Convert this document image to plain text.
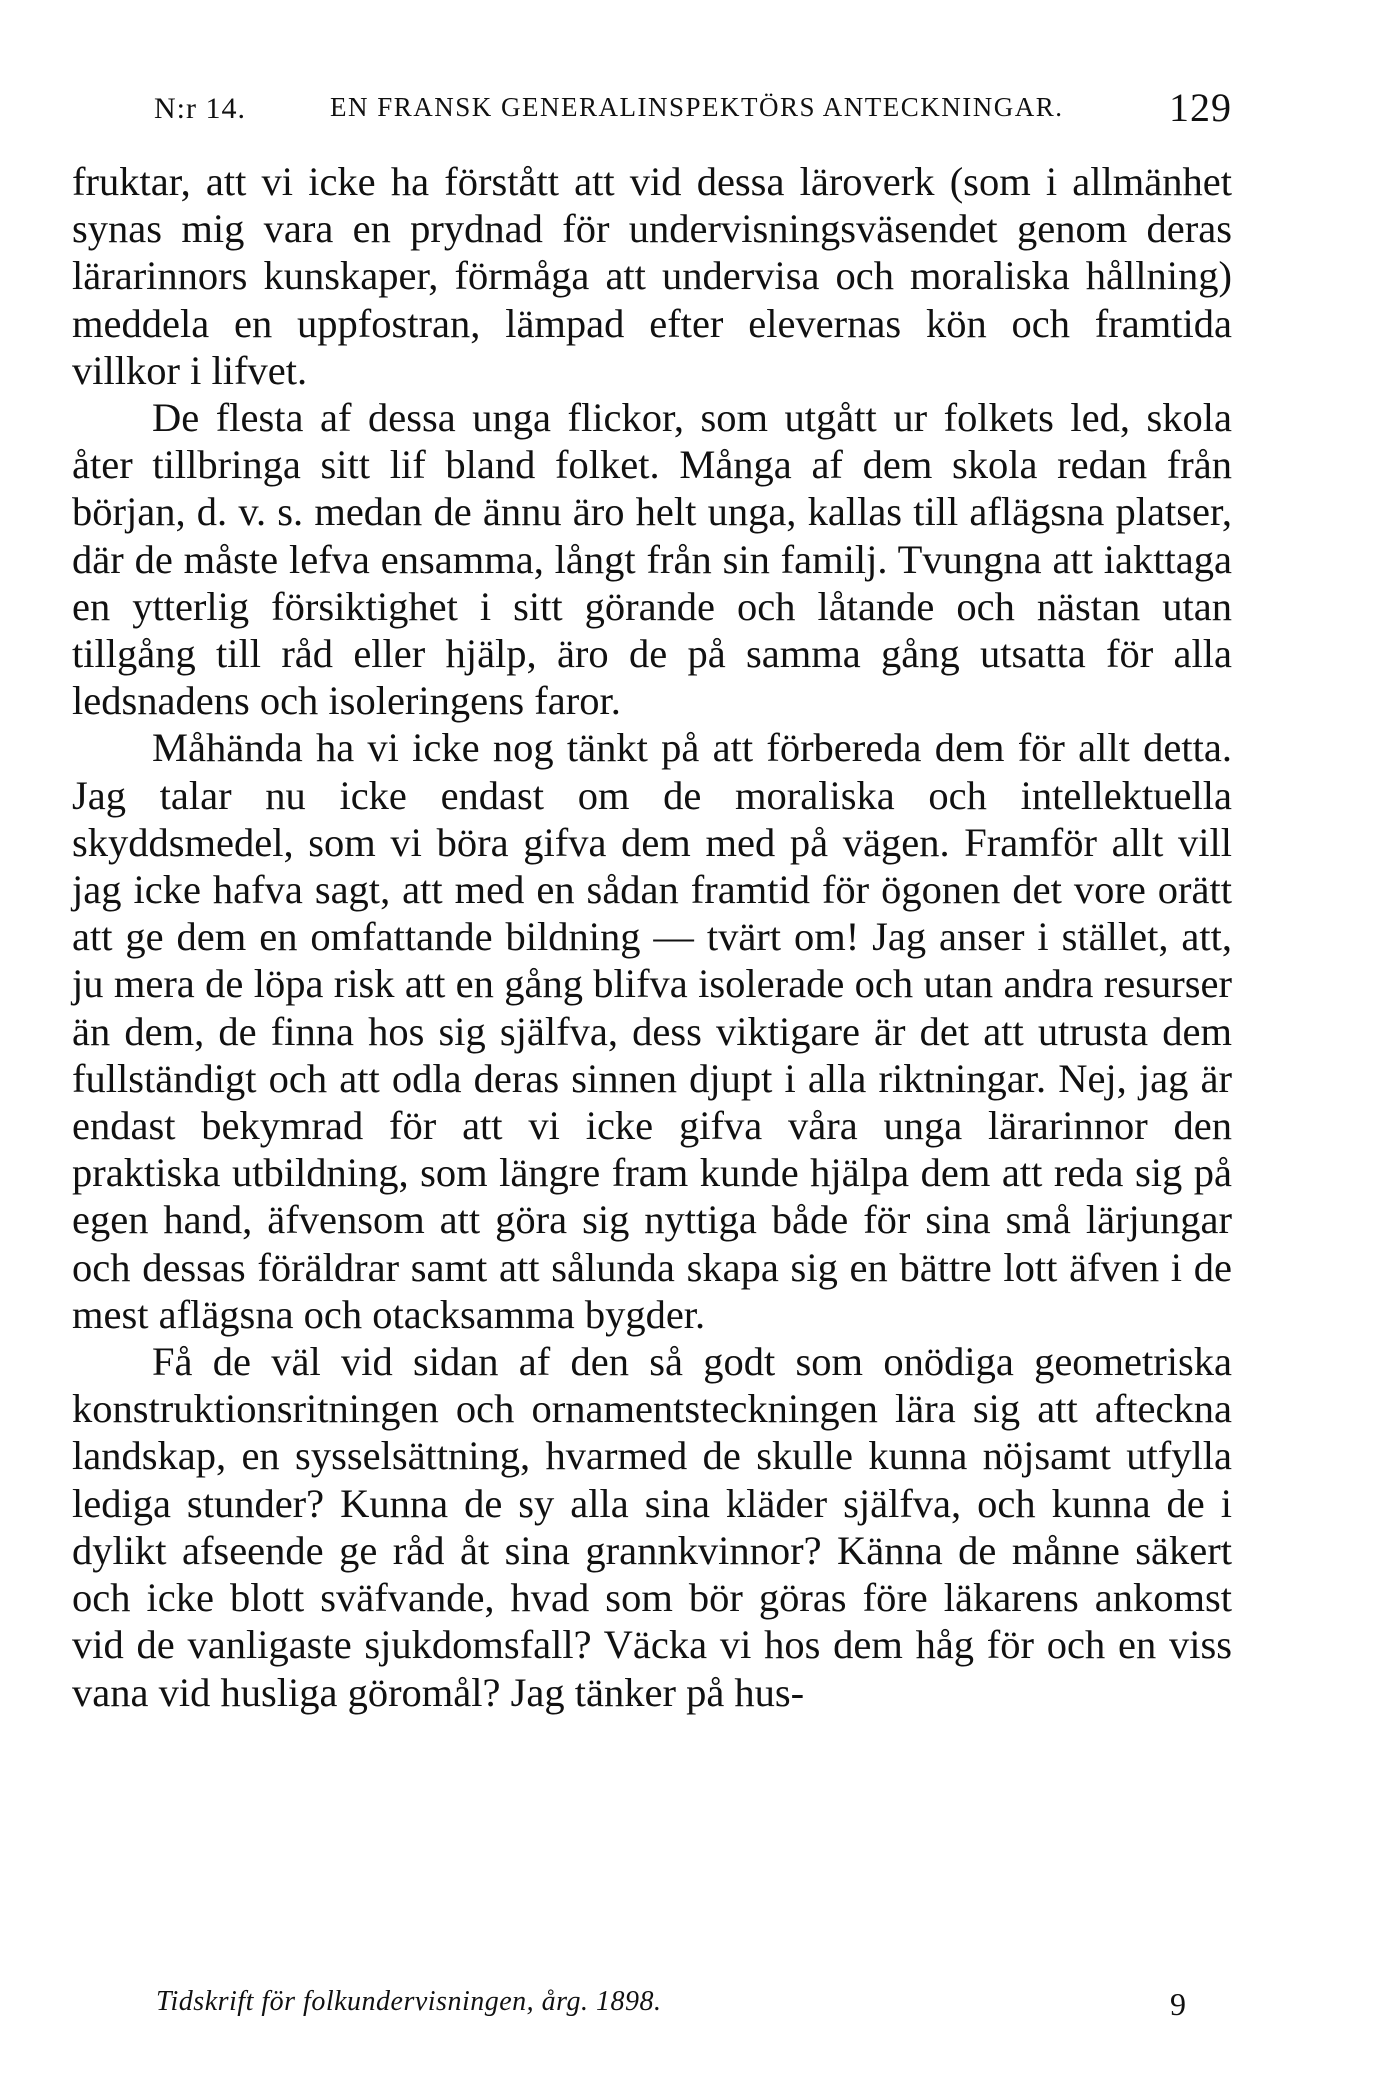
N:r 14.	EN FRANSK GENERALINSPEKTÖRS ANTECKNINGAR.	129

fruktar, att vi icke ha förstått att vid dessa läroverk (som i allmänhet synas mig vara en prydnad för undervisningsväsendet genom deras lärarinnors kunskaper, förmåga att undervisa och moraliska hållning) meddela en uppfostran, lämpad efter elevernas kön och framtida villkor i lifvet.

De flesta af dessa unga flickor, som utgått ur folkets led, skola åter tillbringa sitt lif bland folket. Många af dem skola redan från början, d. v. s. medan de ännu äro helt unga, kallas till aflägsna platser, där de måste lefva ensamma, långt från sin familj. Tvungna att iakttaga en ytterlig försiktighet i sitt görande och låtande och nästan utan tillgång till råd eller hjälp, äro de på samma gång utsatta för alla ledsnadens och isoleringens faror.

Måhända ha vi icke nog tänkt på att förbereda dem för allt detta. Jag talar nu icke endast om de moraliska och intellektuella skyddsmedel, som vi böra gifva dem med på vägen. Framför allt vill jag icke hafva sagt, att med en sådan framtid för ögonen det vore orätt att ge dem en omfattande bildning — tvärt om! Jag anser i stället, att, ju mera de löpa risk att en gång blifva isolerade och utan andra resurser än dem, de finna hos sig själfva, dess viktigare är det att utrusta dem fullständigt och att odla deras sinnen djupt i alla riktningar. Nej, jag är endast bekymrad för att vi icke gifva våra unga lärarinnor den praktiska utbildning, som längre fram kunde hjälpa dem att reda sig på egen hand, äfvensom att göra sig nyttiga både för sina små lärjungar och dessas föräldrar samt att sålunda skapa sig en bättre lott äfven i de mest aflägsna och otacksamma bygder.

Få de väl vid sidan af den så godt som onödiga geometriska konstruktionsritningen och ornamentsteckningen lära sig att afteckna landskap, en sysselsättning, hvarmed de skulle kunna nöjsamt utfylla lediga stunder? Kunna de sy alla sina kläder själfva, och kunna de i dylikt afseende ge råd åt sina grannkvinnor? Känna de månne säkert och icke blott sväfvande, hvad som bör göras före läkarens ankomst vid de vanligaste sjukdomsfall? Väcka vi hos dem håg för och en viss vana vid husliga göromål? Jag tänker på hus-

Tidskrift för folkundervisningen, årg. 1898.	9
